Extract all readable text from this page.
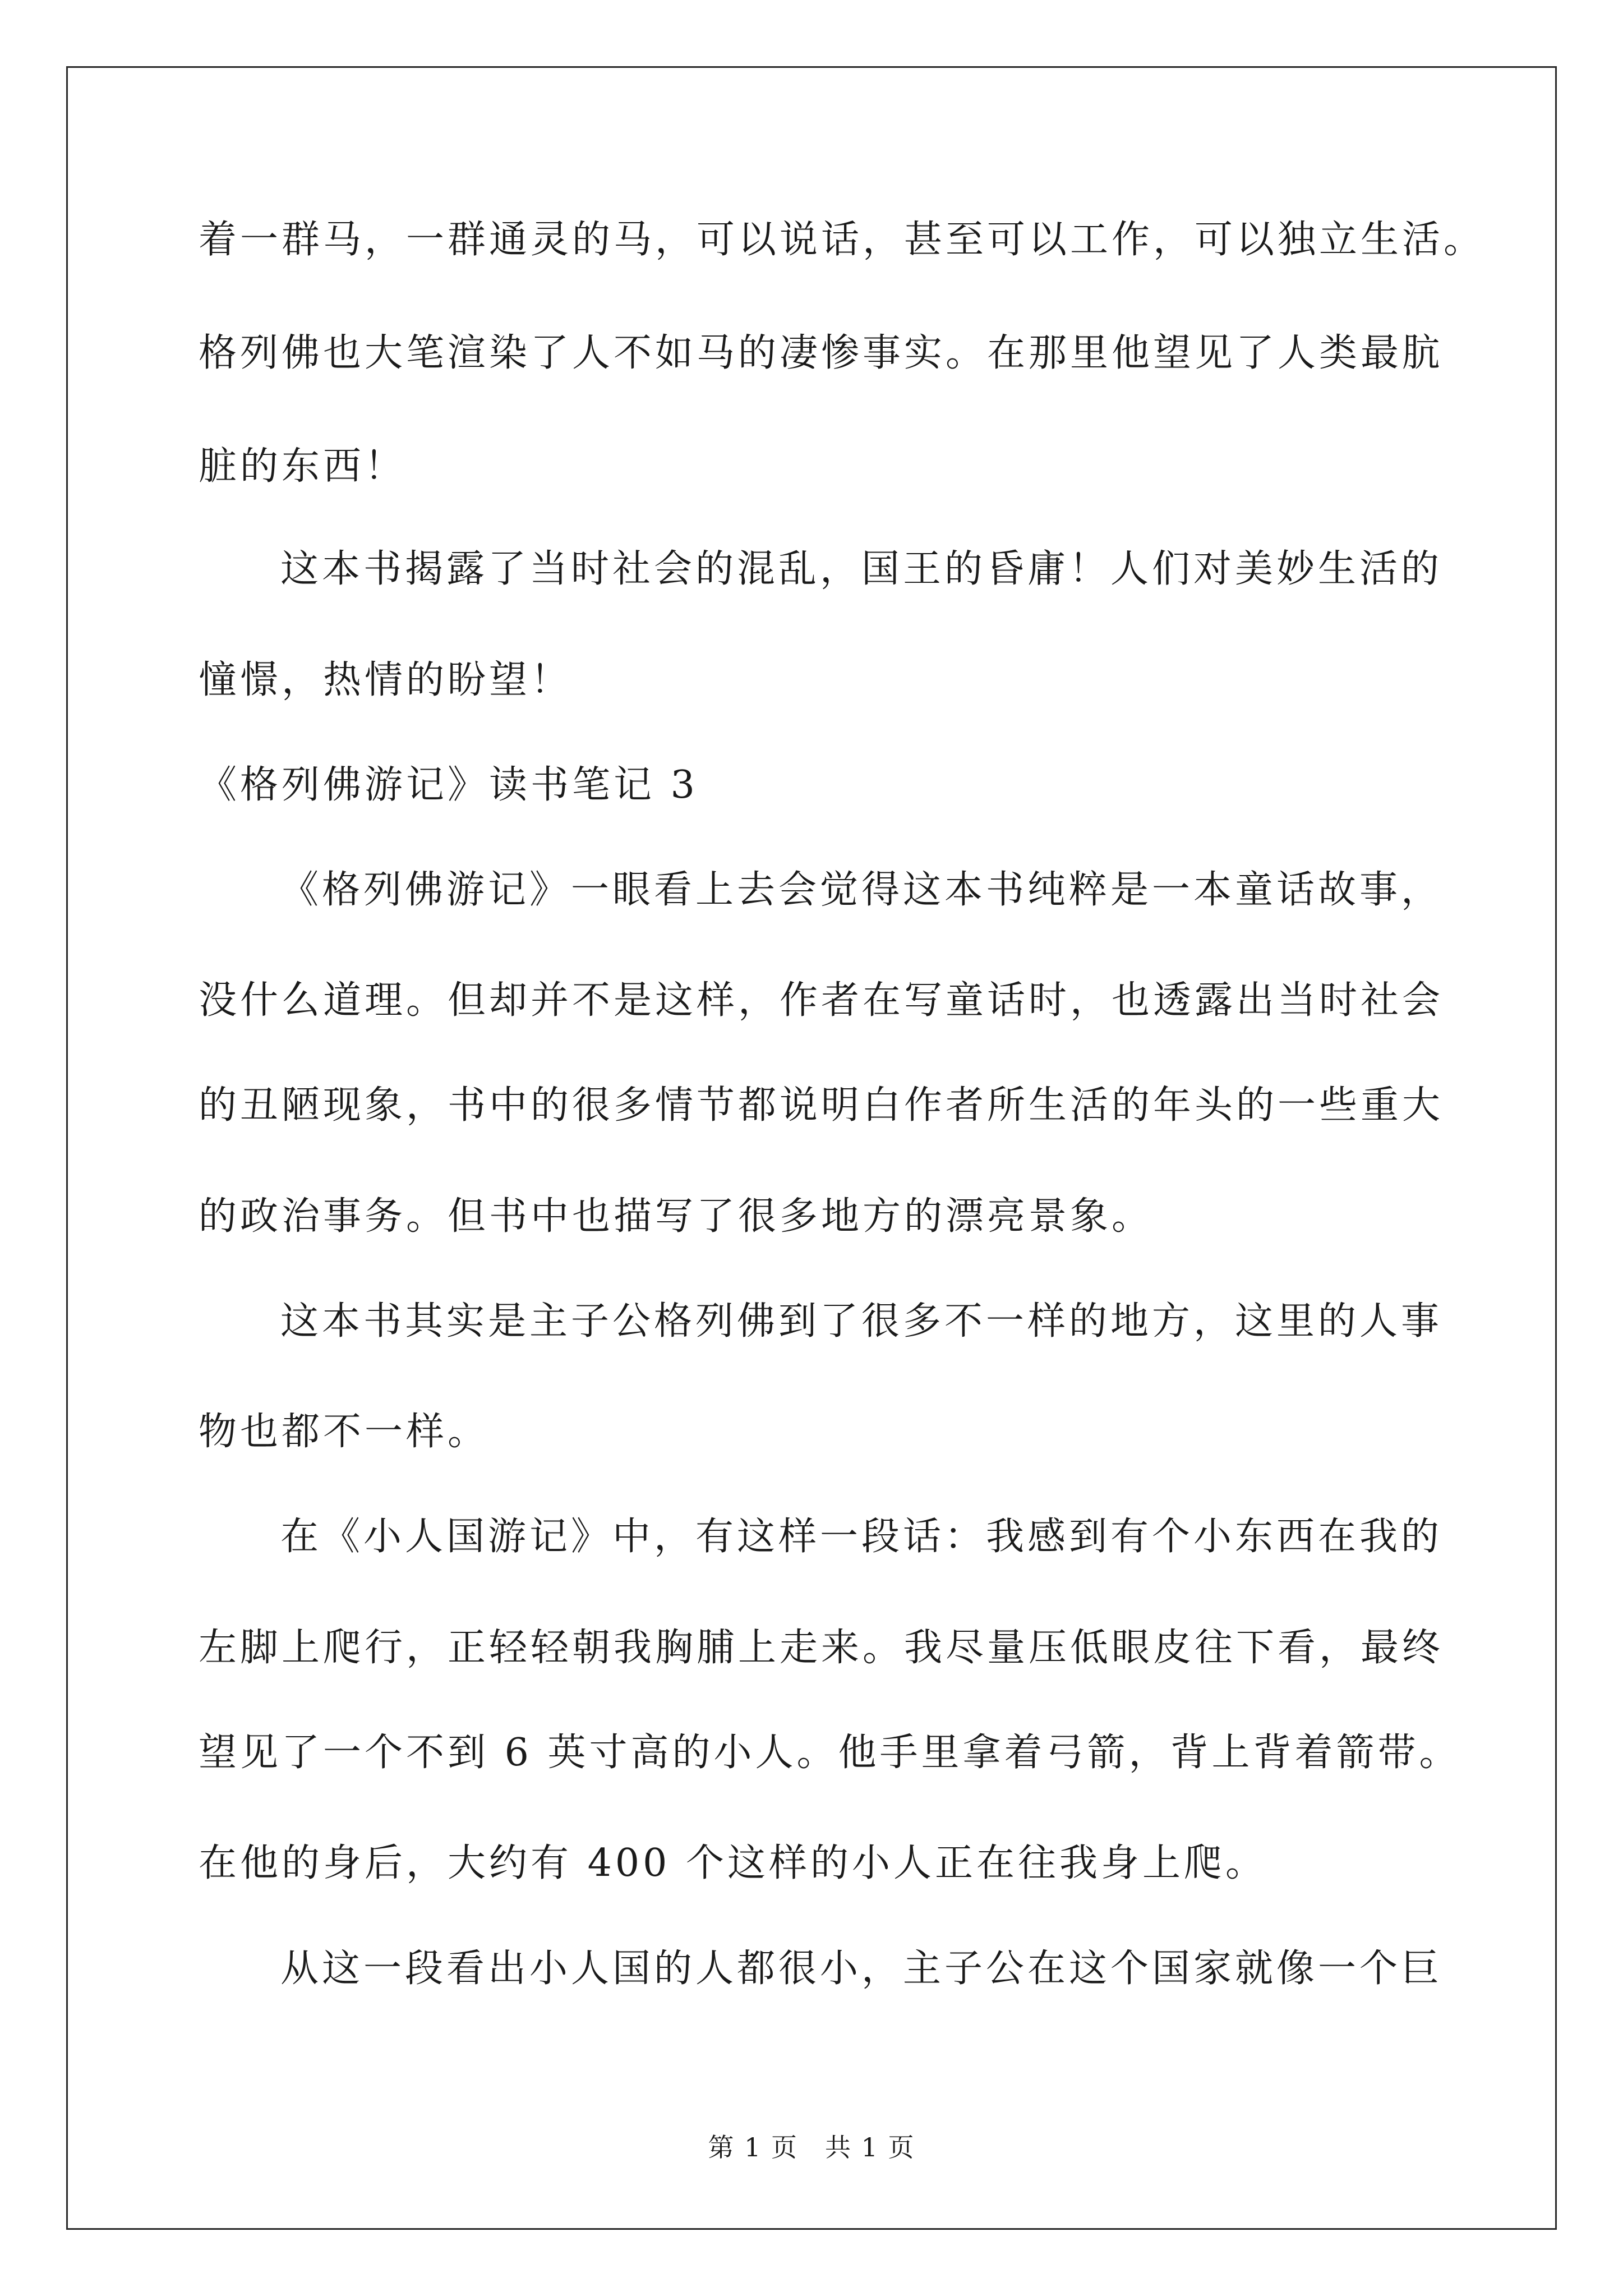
着一群马，一群通灵的马，可以说话，甚至可以工作，可以独立生活。
格列佛也大笔渲染了人不如马的凄惨事实。在那里他望见了人类最肮
脏的东西！
这本书揭露了当时社会的混乱，国王的昏庸！人们对美妙生活的
憧憬，热情的盼望！
《格列佛游记》读书笔记 3
《格列佛游记》一眼看上去会觉得这本书纯粹是一本童话故事，
没什么道理。但却并不是这样，作者在写童话时，也透露出当时社会
的丑陋现象，书中的很多情节都说明白作者所生活的年头的一些重大
的政治事务。但书中也描写了很多地方的漂亮景象。
这本书其实是主子公格列佛到了很多不一样的地方，这里的人事
物也都不一样。
在《小人国游记》中，有这样一段话：我感到有个小东西在我的
左脚上爬行，正轻轻朝我胸脯上走来。我尽量压低眼皮往下看，最终
望见了一个不到 6 英寸高的小人。他手里拿着弓箭，背上背着箭带。
在他的身后，大约有 400 个这样的小人正在往我身上爬。
从这一段看出小人国的人都很小，主子公在这个国家就像一个巨
第 1 页　共 1 页
